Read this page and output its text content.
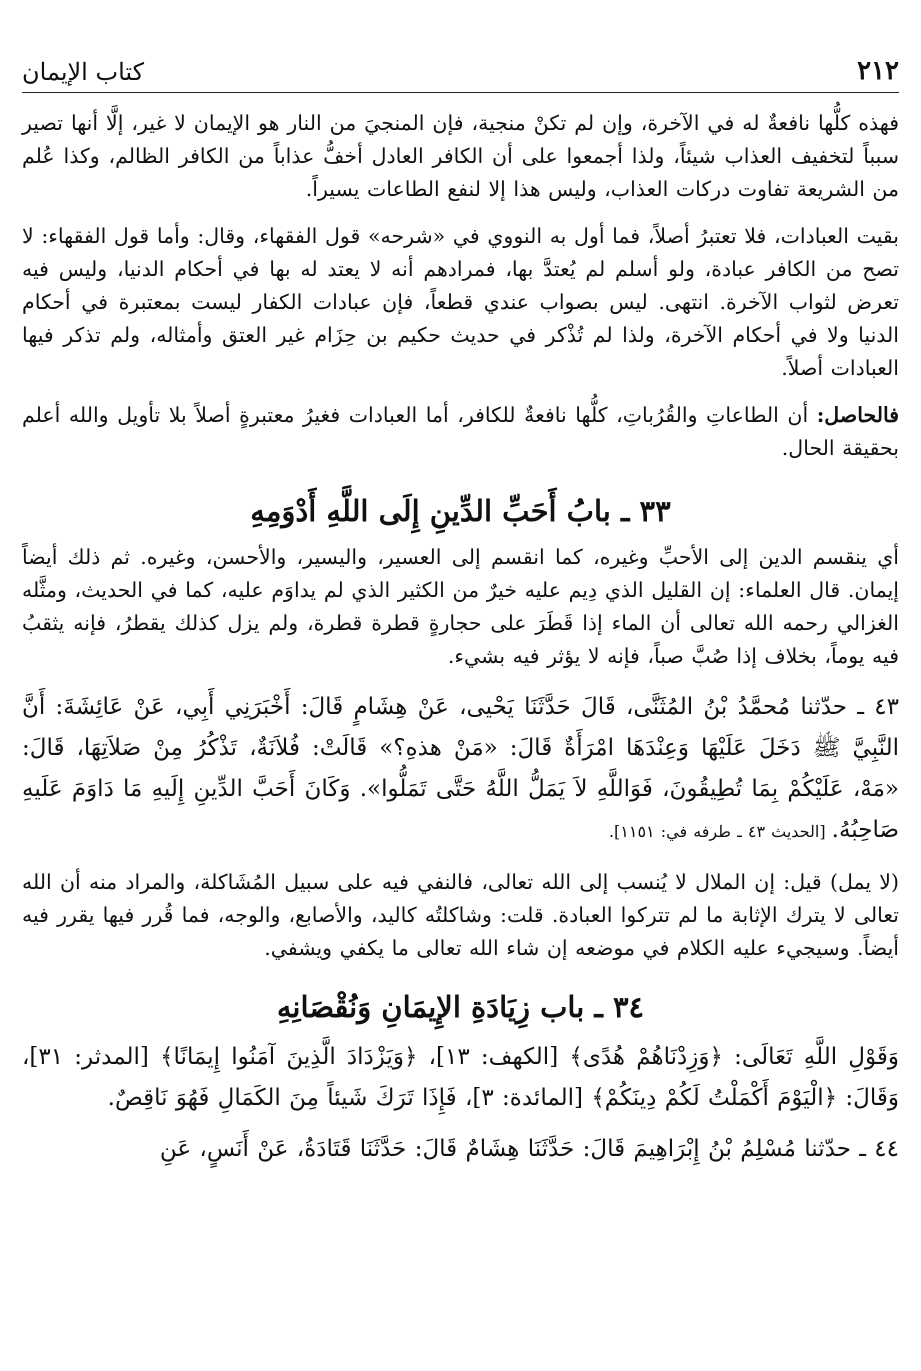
٢١٢
كتاب الإيمان

فهذه كلُّها نافعةٌ له في الآخرة، وإن لم تكنْ منجية، فإن المنجيَ من النار هو الإيمان لا غير، إلَّا أنها تصير سبباً لتخفيف العذاب شيئاً، ولذا أجمعوا على أن الكافر العادل أخفُّ عذاباً من الكافر الظالم، وكذا عُلم من الشريعة تفاوت دركات العذاب، وليس هذا إلا لنفع الطاعات يسيراً.

بقيت العبادات، فلا تعتبرُ أصلاً، فما أول به النووي في «شرحه» قول الفقهاء، وقال: وأما قول الفقهاء: لا تصح من الكافر عبادة، ولو أسلم لم يُعتدَّ بها، فمرادهم أنه لا يعتد له بها في أحكام الدنيا، وليس فيه تعرض لثواب الآخرة. انتهى. ليس بصواب عندي قطعاً، فإن عبادات الكفار ليست بمعتبرة في أحكام الدنيا ولا في أحكام الآخرة، ولذا لم تُذْكر في حديث حكيم بن حِزَام غير العتق وأمثاله، ولم تذكر فيها العبادات أصلاً.

فالحاصل: أن الطاعاتِ والقُرُباتِ، كلُّها نافعةٌ للكافر، أما العبادات فغيرُ معتبرةٍ أصلاً بلا تأويل والله أعلم بحقيقة الحال.

٣٣ ـ بابُ أَحَبِّ الدِّينِ إِلَى اللَّهِ أَدْوَمِهِ

أي ينقسم الدين إلى الأحبِّ وغيره، كما انقسم إلى العسير، واليسير، والأحسن، وغيره. ثم ذلك أيضاً إيمان. قال العلماء: إن القليل الذي دِيم عليه خيرٌ من الكثير الذي لم يداوَم عليه، كما في الحديث، ومثَّله الغزالي رحمه الله تعالى أن الماء إذا قَطَرَ على حجارةٍ قطرة قطرة، ولم يزل كذلك يقطرُ، فإنه يثقبُ فيه يوماً، بخلاف إذا صُبَّ صباً، فإنه لا يؤثر فيه بشيء.

٤٣ ـ حدّثنا مُحمَّدُ بْنُ المُثَنَّى، قَالَ حَدَّثَنَا يَحْيى، عَنْ هِشَامٍ قَالَ: أَخْبَرَنِي أَبِي، عَنْ عَائِشَةَ: أَنَّ النَّبِيَّ ﷺ دَخَلَ عَلَيْهَا وَعِنْدَهَا امْرَأَةٌ قَالَ: «مَنْ هذهِ؟» قَالَتْ: فُلاَنَةٌ، تَذْكُرُ مِنْ صَلاَتِهَا، قَالَ: «مَهْ، عَلَيْكُمْ بِمَا تُطِيقُونَ، فَوَاللَّهِ لاَ يَمَلُّ اللَّهُ حَتَّى تَمَلُّوا». وَكَانَ أَحَبَّ الدِّينِ إِلَيهِ مَا دَاوَمَ عَلَيهِ صَاحِبُهُ. [الحديث ٤٣ ـ طرفه في: ١١٥١].

(لا يمل) قيل: إن الملال لا يُنسب إلى الله تعالى، فالنفي فيه على سبيل المُشَاكلة، والمراد منه أن الله تعالى لا يترك الإثابة ما لم تتركوا العبادة. قلت: وشاكلتُه كاليد، والأصابع، والوجه، فما قُرر فيها يقرر فيه أيضاً. وسيجيء عليه الكلام في موضعه إن شاء الله تعالى ما يكفي ويشفي.

٣٤ ـ باب زِيَادَةِ الإِيمَانِ وَنُقْصَانِهِ

وَقَوْلِ اللَّهِ تَعَالَى: ﴿وَزِدْنَاهُمْ هُدًى﴾ [الكهف: ١٣]، ﴿وَيَزْدَادَ الَّذِينَ آمَنُوا إِيمَانًا﴾ [المدثر: ٣١]، وَقَالَ: ﴿الْيَوْمَ أَكْمَلْتُ لَكُمْ دِينَكُمْ﴾ [المائدة: ٣]، فَإِذَا تَرَكَ شَيئاً مِنَ الكَمَالِ فَهُوَ نَاقِصٌ.

٤٤ ـ حدّثنا مُسْلِمُ بْنُ إِبْرَاهِيمَ قَالَ: حَدَّثَنَا هِشَامٌ قَالَ: حَدَّثَنَا قَتَادَةُ، عَنْ أَنَسٍ، عَنِ
